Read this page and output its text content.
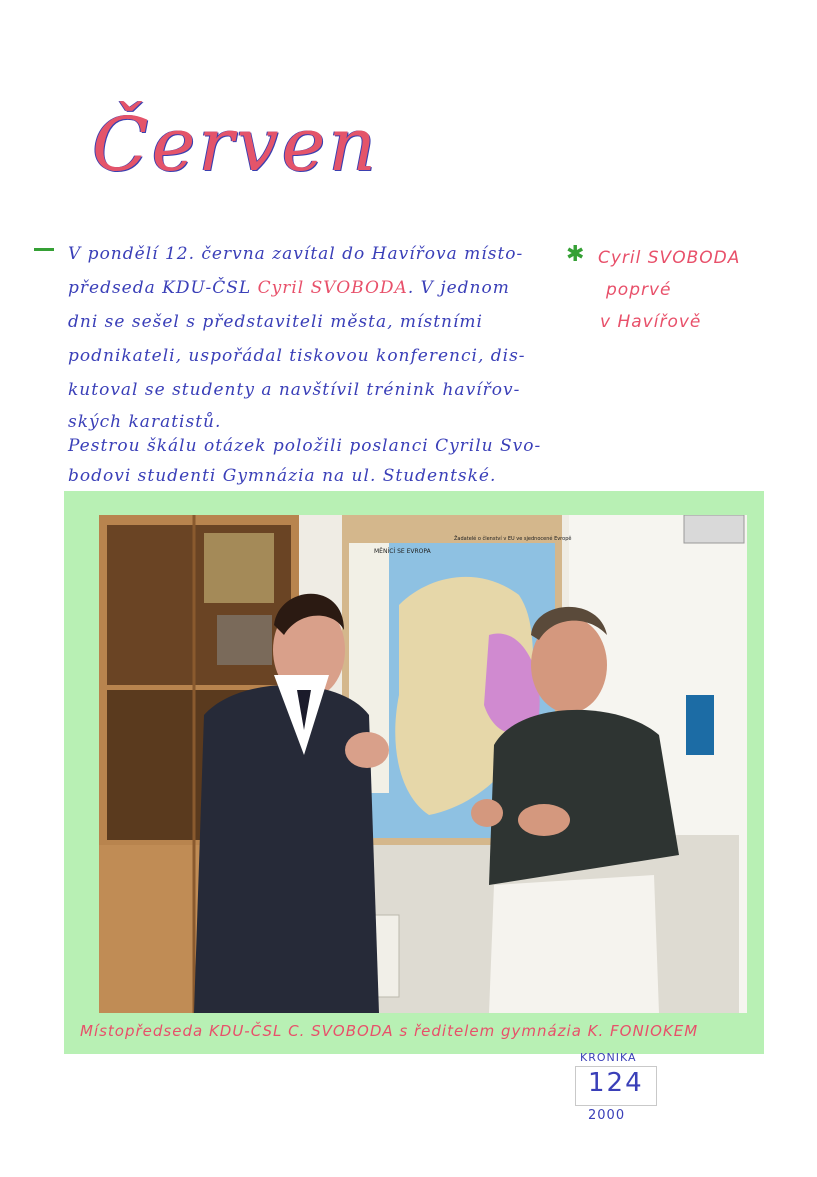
Červen
V pondělí 12. června zavítal do Havířova místo-
předseda KDU-ČSL Cyril SVOBODA. V jednom
dni se sešel s představiteli města, místními
podnikateli, uspořádal tiskovou konferenci, dis-
kutoval se studenty a navštívil trénink havířov-
ských karatistů.
Pestrou škálu otázek položili poslanci Cyrilu Svo-
bodovi studenti Gymnázia na ul. Studentské.
✱ Cyril SVOBODA
poprvé
v Havířově
MĚNÍCÍ SE EVROPA
Žadatelé o členství v EU ve sjednocené Evropě
Místopředseda KDU-ČSL C. SVOBODA s ředitelem gymnázia K. FONIOKEM
KRONIKA
124
2000
